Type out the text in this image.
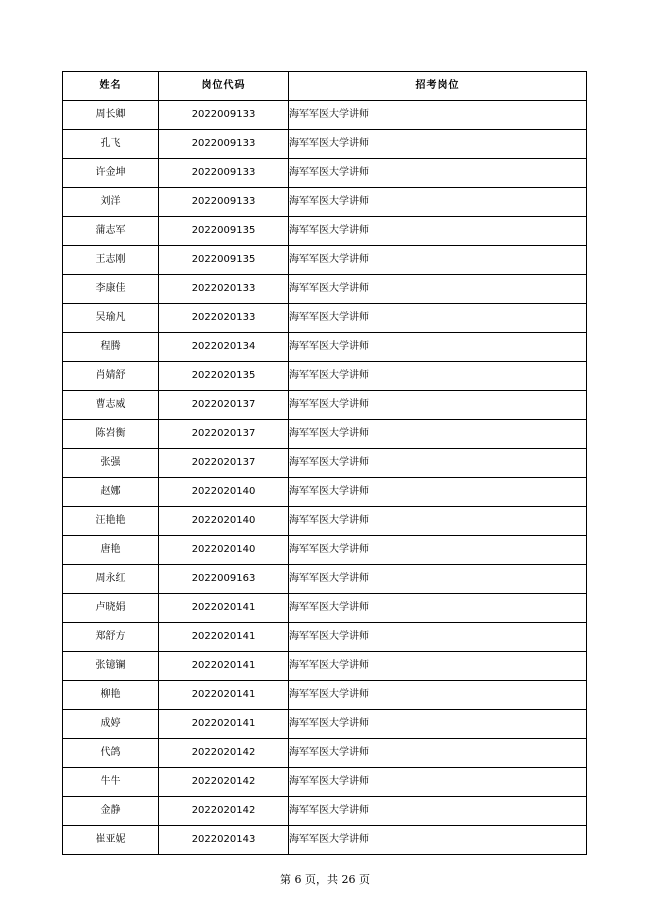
姓名	岗位代码	招考岗位
周长卿	2022009133	海军军医大学讲师
孔飞	2022009133	海军军医大学讲师
许金坤	2022009133	海军军医大学讲师
刘洋	2022009133	海军军医大学讲师
蒲志军	2022009135	海军军医大学讲师
王志刚	2022009135	海军军医大学讲师
李康佳	2022020133	海军军医大学讲师
吴瑜凡	2022020133	海军军医大学讲师
程腾	2022020134	海军军医大学讲师
肖婧舒	2022020135	海军军医大学讲师
曹志威	2022020137	海军军医大学讲师
陈岧衡	2022020137	海军军医大学讲师
张强	2022020137	海军军医大学讲师
赵娜	2022020140	海军军医大学讲师
汪艳艳	2022020140	海军军医大学讲师
唐艳	2022020140	海军军医大学讲师
周永红	2022009163	海军军医大学讲师
卢晓娟	2022020141	海军军医大学讲师
郑舒方	2022020141	海军军医大学讲师
张镱镧	2022020141	海军军医大学讲师
柳艳	2022020141	海军军医大学讲师
成婷	2022020141	海军军医大学讲师
代鸽	2022020142	海军军医大学讲师
牛牛	2022020142	海军军医大学讲师
金静	2022020142	海军军医大学讲师
崔亚妮	2022020143	海军军医大学讲师
第 6 页，共 26 页
